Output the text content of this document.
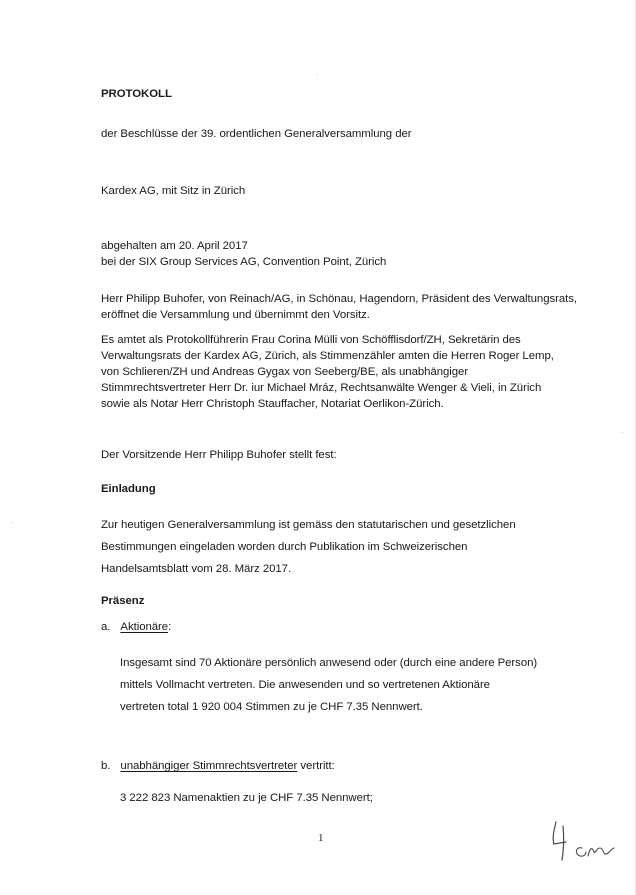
PROTOKOLL

der Beschlüsse der 39. ordentlichen Generalversammlung der

Kardex AG, mit Sitz in Zürich

abgehalten am 20. April 2017

bei der SIX Group Services AG, Convention Point, Zürich

Herr Philipp Buhofer, von Reinach/AG, in Schönau, Hagendorn, Präsident des Verwaltungsrats,

eröffnet die Versammlung und übernimmt den Vorsitz.

Es amtet als Protokollführerin Frau Corina Mülli von Schöfflisdorf/ZH, Sekretärin des

Verwaltungsrats der Kardex AG, Zürich, als Stimmenzähler amten die Herren Roger Lemp,

von Schlieren/ZH und Andreas Gygax von Seeberg/BE, als unabhängiger

Stimmrechtsvertreter Herr Dr. iur Michael Mráz, Rechtsanwälte Wenger & Vieli, in Zürich

sowie als Notar Herr Christoph Stauffacher, Notariat Oerlikon-Zürich.

Der Vorsitzende Herr Philipp Buhofer stellt fest:

Einladung

Zur heutigen Generalversammlung ist gemäss den statutarischen und gesetzlichen

Bestimmungen eingeladen worden durch Publikation im Schweizerischen

Handelsamtsblatt vom 28. März 2017.

Präsenz

a. Aktionäre:

Insgesamt sind 70 Aktionäre persönlich anwesend oder (durch eine andere Person)

mittels Vollmacht vertreten. Die anwesenden und so vertretenen Aktionäre

vertreten total 1 920 004 Stimmen zu je CHF 7.35 Nennwert.

b. unabhängiger Stimmrechtsvertreter vertritt:

3 222 823 Namenaktien zu je CHF 7.35 Nennwert;

1
